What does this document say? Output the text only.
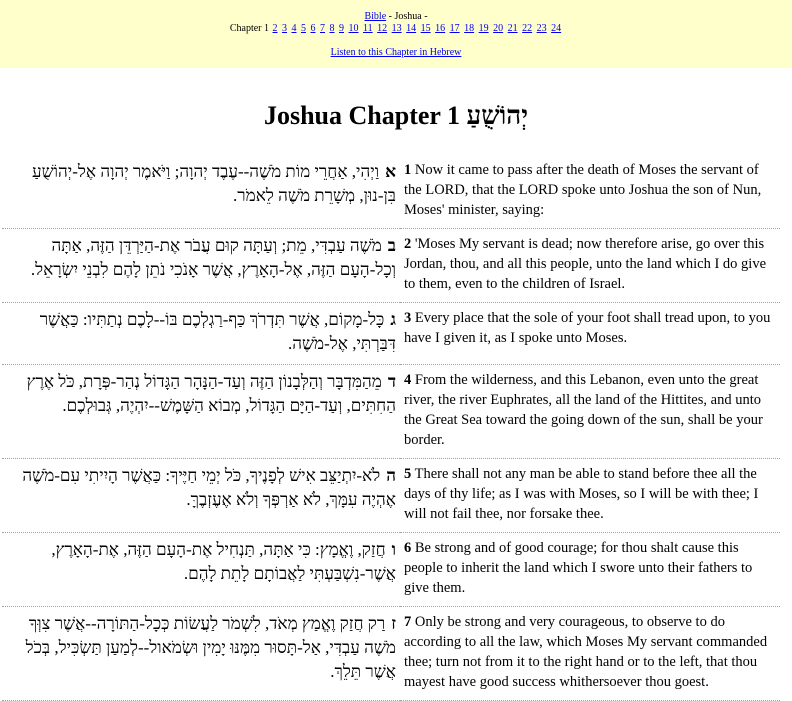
Bible - Joshua -
Chapter 1 2 3 4 5 6 7 8 9 10 11 12 13 14 15 16 17 18 19 20 21 22 23 24
Listen to this Chapter in Hebrew
Joshua Chapter 1 יְהוֹשֻׁעַ
אוַיְהִי, אַחֲרֵי מוֹת מֹשֶׁה--עֶבֶד יְהוָה; וַיֹּאמֶר יְהוָה אֶל-יְהוֹשֻׁעַ בִּן-נוּן, מְשָׁרֵת מֹשֶׁה לֵאמֹר.	1 Now it came to pass after the death of Moses the servant of the LORD, that the LORD spoke unto Joshua the son of Nun, Moses' minister, saying:
במֹשֶׁה עַבְדִּי, מֵת; וְעַתָּה קוּם עֲבֹר אֶת-הַיַּרְדֵּן הַזֶּה, אַתָּה וְכָל-הָעָם הַזֶּה, אֶל-הָאָרֶץ, אֲשֶׁר אָנֹכִי נֹתֵן לָהֶם לִבְנֵי יִשְׂרָאֵל.	2 'Moses My servant is dead; now therefore arise, go over this Jordan, thou, and all this people, unto the land which I do give to them, even to the children of Israel.
גכָּל-מָקוֹם, אֲשֶׁר תִּדְרֹךְ כַּף-רַגְלְכֶם בּוֹ--לָכֶם נְתַתִּיו: כַּאֲשֶׁר דִּבַּרְתִּי, אֶל-מֹשֶׁה.	3 Every place that the sole of your foot shall tread upon, to you have I given it, as I spoke unto Moses.
דמֵהַמִּדְבָּר וְהַלְּבָנוֹן הַזֶּה וְעַד-הַנָּהָר הַגָּדוֹל נְהַר-פְּרָת, כֹּל אֶרֶץ הַחִתִּים, וְעַד-הַיָּם הַגָּדוֹל, מְבוֹא הַשָּׁמֶשׁ--יִהְיֶה, גְּבוּלְכֶם.	4 From the wilderness, and this Lebanon, even unto the great river, the river Euphrates, all the land of the Hittites, and unto the Great Sea toward the going down of the sun, shall be your border.
הלֹא-יִתְיַצֵּב אִישׁ לְפָנֶיךָ, כֹּל יְמֵי חַיֶּיךָ: כַּאֲשֶׁר הָיִיתִי עִם-מֹשֶׁה אֶהְיֶה עִמָּךְ, לֹא אַרְפְּךָ וְלֹא אֶעֶזְבֶךָּ.	5 There shall not any man be able to stand before thee all the days of thy life; as I was with Moses, so I will be with thee; I will not fail thee, nor forsake thee.
וחֲזַק, וֶאֱמָץ: כִּי אַתָּה, תַּנְחִיל אֶת-הָעָם הַזֶּה, אֶת-הָאָרֶץ, אֲשֶׁר-נִשְׁבַּעְתִּי לַאֲבוֹתָם לָתֵת לָהֶם.	6 Be strong and of good courage; for thou shalt cause this people to inherit the land which I swore unto their fathers to give them.
זרַק חֲזַק וֶאֱמַץ מְאֹד, לִשְׁמֹר לַעֲשׂוֹת כְּכָל-הַתּוֹרָה--אֲשֶׁר צִוְּךָ מֹשֶׁה עַבְדִּי, אַל-תָּסוּר מִמֶּנּוּ יָמִין וּשְׂמֹאול--לְמַעַן תַּשְׂכִּיל, בְּכֹל אֲשֶׁר תֵּלֵךְ.	7 Only be strong and very courageous, to observe to do according to all the law, which Moses My servant commanded thee; turn not from it to the right hand or to the left, that thou mayest have good success whithersoever thou goest.
